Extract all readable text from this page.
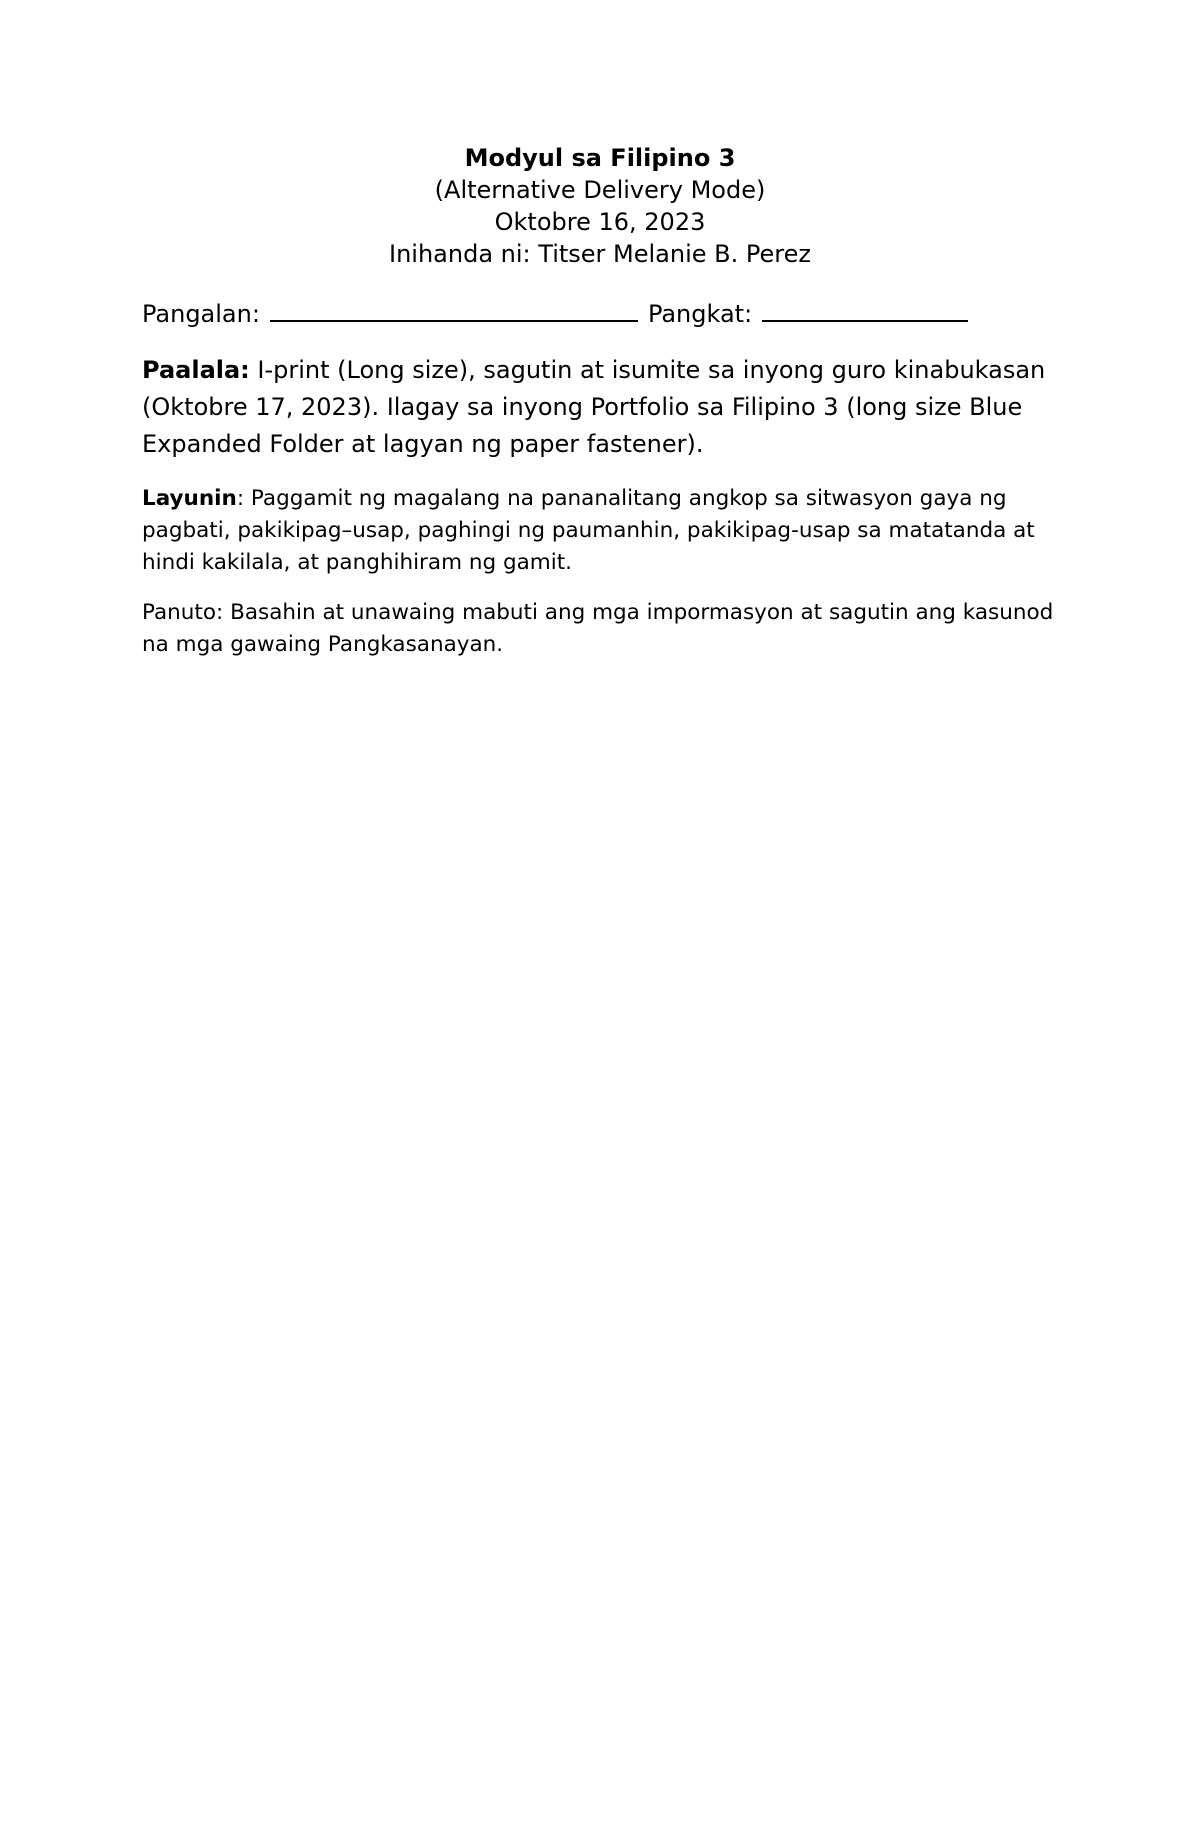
Modyul sa Filipino 3
(Alternative Delivery Mode)
Oktobre 16, 2023
Inihanda ni: Titser Melanie B. Perez
Pangalan:	Pangkat:
Paalala: I-print (Long size), sagutin at isumite sa inyong guro kinabukasan (Oktobre 17, 2023). Ilagay sa inyong Portfolio sa Filipino 3 (long size Blue Expanded Folder at lagyan ng paper fastener).
Layunin: Paggamit ng magalang na pananalitang angkop sa sitwasyon gaya ng pagbati, pakikipag–usap, paghingi ng paumanhin, pakikipag-usap sa matatanda at hindi kakilala, at panghihiram ng gamit.
Panuto: Basahin at unawaing mabuti ang mga impormasyon at sagutin ang kasunod na mga gawaing Pangkasanayan.
